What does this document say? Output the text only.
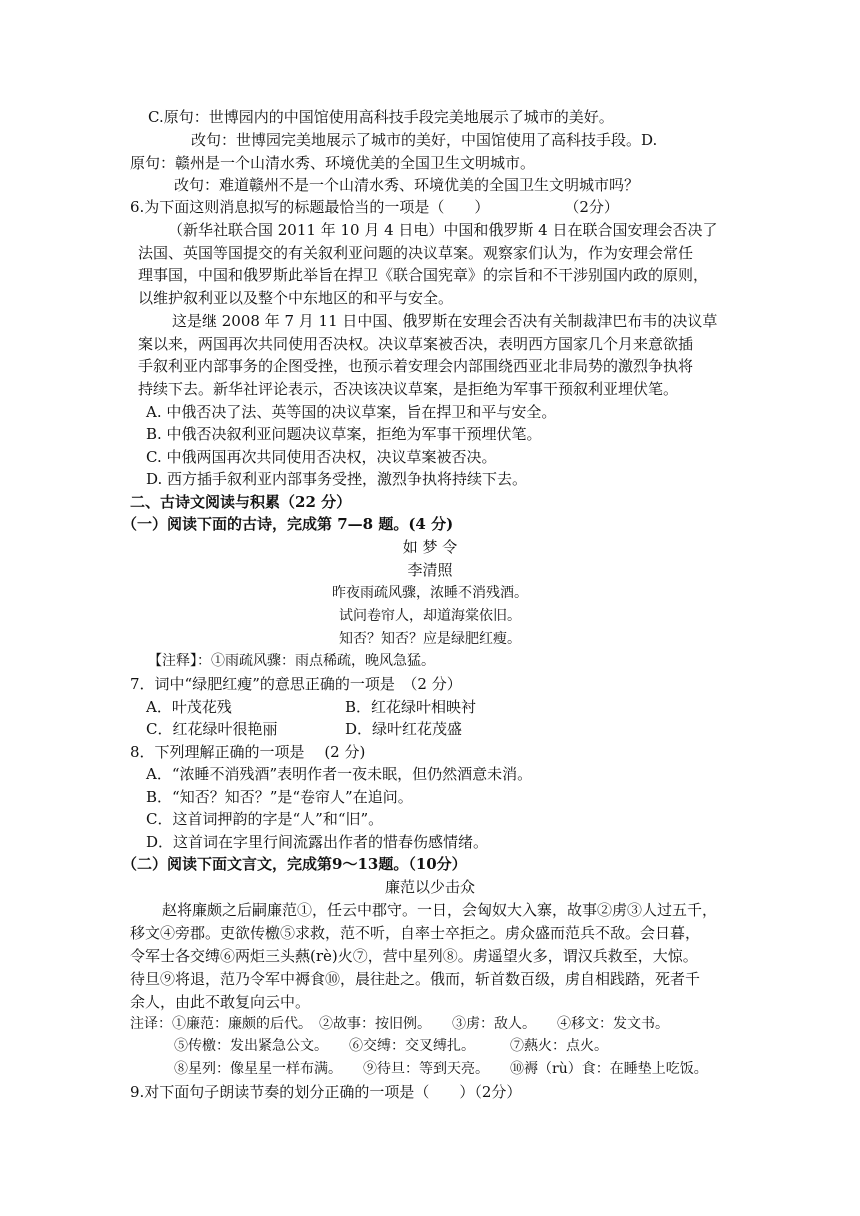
C.原句：世博园内的中国馆使用高科技手段完美地展示了城市的美好。
改句：世博园完美地展示了城市的美好，中国馆使用了高科技手段。D.
原句：赣州是一个山清水秀、环境优美的全国卫生文明城市。
改句：难道赣州不是一个山清水秀、环境优美的全国卫生文明城市吗？
6.为下面这则消息拟写的标题最恰当的一项是（　　）　　　　　　（2分）
（新华社联合国 2011 年 10 月 4 日电）中国和俄罗斯 4 日在联合国安理会否决了
法国、英国等国提交的有关叙利亚问题的决议草案。观察家们认为，作为安理会常任
理事国，中国和俄罗斯此举旨在捍卫《联合国宪章》的宗旨和不干涉别国内政的原则，
以维护叙利亚以及整个中东地区的和平与安全。
这是继 2008 年 7 月 11 日中国、俄罗斯在安理会否决有关制裁津巴布韦的决议草
案以来，两国再次共同使用否决权。决议草案被否决，表明西方国家几个月来意欲插
手叙利亚内部事务的企图受挫，也预示着安理会内部围绕西亚北非局势的激烈争执将
持续下去。新华社评论表示，否决该决议草案，是拒绝为军事干预叙利亚埋伏笔。
A. 中俄否决了法、英等国的决议草案，旨在捍卫和平与安全。
B. 中俄否决叙利亚问题决议草案，拒绝为军事干预埋伏笔。
C. 中俄两国再次共同使用否决权，决议草案被否决。
D. 西方插手叙利亚内部事务受挫，激烈争执将持续下去。
二、古诗文阅读与积累（22 分）
（一）阅读下面的古诗，完成第 7—8 题。(4 分)
如 梦 令
李清照
昨夜雨疏风骤，浓睡不消残酒。
试问卷帘人，却道海棠依旧。
知否？知否？应是绿肥红瘦。
【注释】：①雨疏风骤：雨点稀疏，晚风急猛。
7．词中“绿肥红瘦”的意思正确的一项是　（2 分）
A．叶茂花残	B．红花绿叶相映衬
C．红花绿叶很艳丽	D．绿叶红花茂盛
8．下列理解正确的一项是　 (2 分)
A．“浓睡不消残酒”表明作者一夜未眠，但仍然酒意未消。
B．“知否？知否？”是“卷帘人”在追问。
C．这首词押韵的字是“人”和“旧”。
D．这首词在字里行间流露出作者的惜春伤感情绪。
（二）阅读下面文言文，完成第9～13题。（10分）
廉范以少击众
赵将廉颇之后嗣廉范①，任云中郡守。一日，会匈奴大入寨，故事②虏③人过五千，
移文④旁郡。吏欲传檄⑤求救，范不听，自率士卒拒之。虏众盛而范兵不敌。会日暮，
令军士各交缚⑥两炬三头爇(rè)火⑦，营中星列⑧。虏遥望火多，谓汉兵救至，大惊。
待旦⑨将退，范乃令军中褥食⑩，晨往赴之。俄而，斩首数百级，虏自相践踏，死者千
余人，由此不敢复向云中。
注译：①廉范：廉颇的后代。　②故事：按旧例。　　③虏：敌人。　　④移文：发文书。
⑤传檄：发出紧急公文。　　⑥交缚：交叉缚扎。　　　⑦爇火：点火。
⑧星列：像星星一样布满。　　⑨待旦：等到天亮。　　⑩褥（rù）食：在睡垫上吃饭。
9.对下面句子朗读节奏的划分正确的一项是（　　）（2分）
